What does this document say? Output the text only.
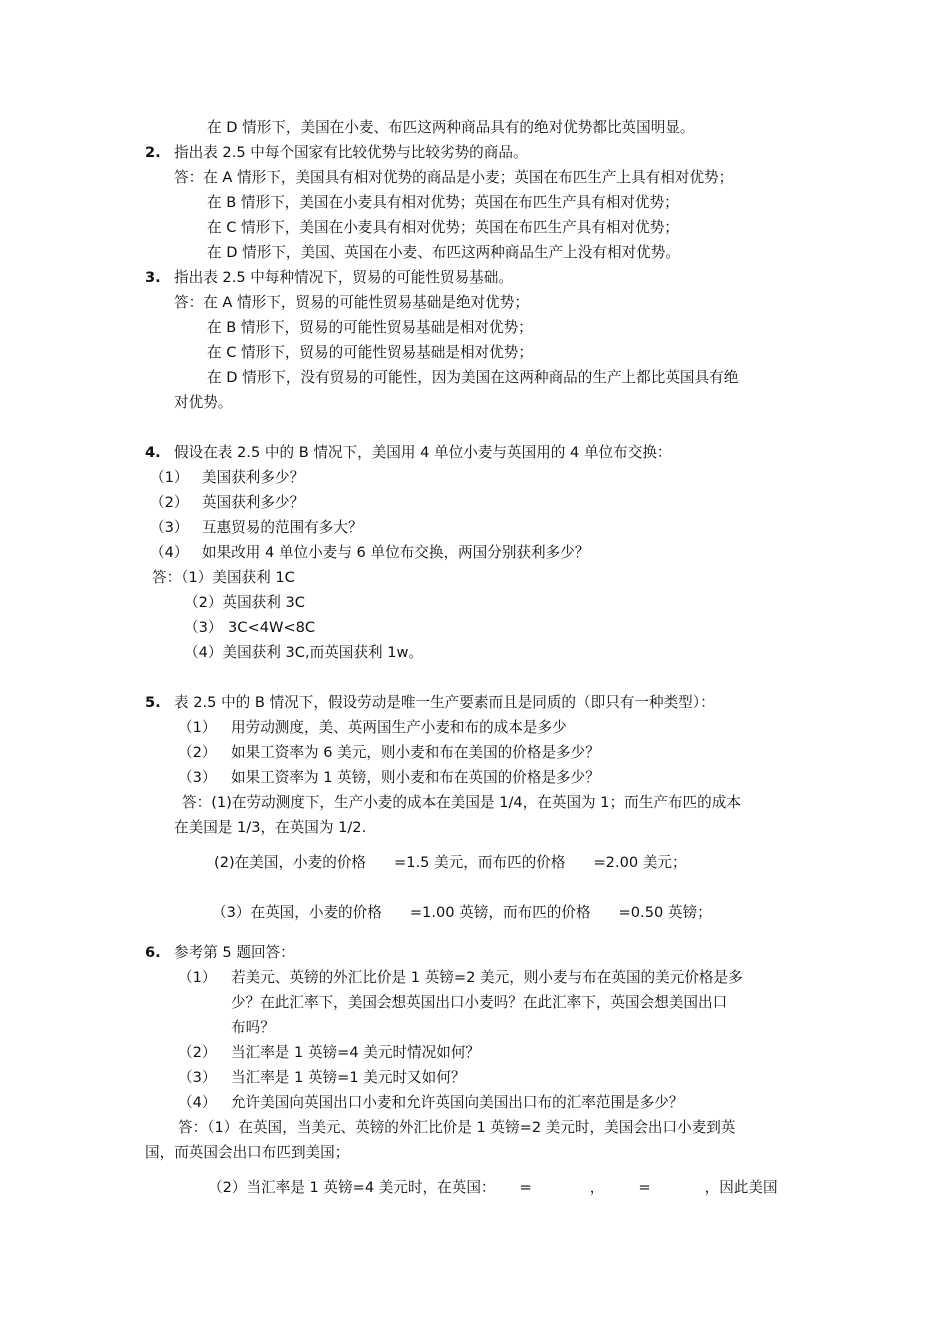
在 D 情形下，美国在小麦、布匹这两种商品具有的绝对优势都比英国明显。
2. 指出表 2.5 中每个国家有比较优势与比较劣势的商品。
答：在 A 情形下，美国具有相对优势的商品是小麦；英国在布匹生产上具有相对优势；
在 B 情形下，美国在小麦具有相对优势；英国在布匹生产具有相对优势；
在 C 情形下，美国在小麦具有相对优势；英国在布匹生产具有相对优势；
在 D 情形下，美国、英国在小麦、布匹这两种商品生产上没有相对优势。
3. 指出表 2.5 中每种情况下，贸易的可能性贸易基础。
答：在 A 情形下，贸易的可能性贸易基础是绝对优势；
在 B 情形下，贸易的可能性贸易基础是相对优势；
在 C 情形下，贸易的可能性贸易基础是相对优势；
在 D 情形下，没有贸易的可能性，因为美国在这两种商品的生产上都比英国具有绝
对优势。
4. 假设在表 2.5 中的 B 情况下，美国用 4 单位小麦与英国用的 4 单位布交换：
（1） 美国获利多少？
（2） 英国获利多少？
（3） 互惠贸易的范围有多大？
（4） 如果改用 4 单位小麦与 6 单位布交换，两国分别获利多少？
答：（1）美国获利 1C
（2）英国获利 3C
（3） 3C<4W<8C
（4）美国获利 3C,而英国获利 1w。
5. 表 2.5 中的 B 情况下，假设劳动是唯一生产要素而且是同质的（即只有一种类型）：
（1） 用劳动测度，美、英两国生产小麦和布的成本是多少
（2） 如果工资率为 6 美元，则小麦和布在美国的价格是多少？
（3） 如果工资率为 1 英镑，则小麦和布在英国的价格是多少？
答：(1)在劳动测度下，生产小麦的成本在美国是 1/4，在英国为 1；而生产布匹的成本
在美国是 1/3，在英国为 1/2.
(2)在美国，小麦的价格 =1.5 美元，而布匹的价格 =2.00 美元；
（3）在英国，小麦的价格 =1.00 英镑，而布匹的价格 =0.50 英镑；
6. 参考第 5 题回答：
（1） 若美元、英镑的外汇比价是 1 英镑=2 美元，则小麦与布在英国的美元价格是多
少？在此汇率下，美国会想英国出口小麦吗？在此汇率下，英国会想美国出口
布吗？
（2） 当汇率是 1 英镑=4 美元时情况如何？
（3） 当汇率是 1 英镑=1 美元时又如何？
（4） 允许美国向英国出口小麦和允许英国向美国出口布的汇率范围是多少？
答：（1）在英国，当美元、英镑的外汇比价是 1 英镑=2 美元时，美国会出口小麦到英
国，而英国会出口布匹到美国；
（2）当汇率是 1 英镑=4 美元时，在英国： =	， =	，因此美国
